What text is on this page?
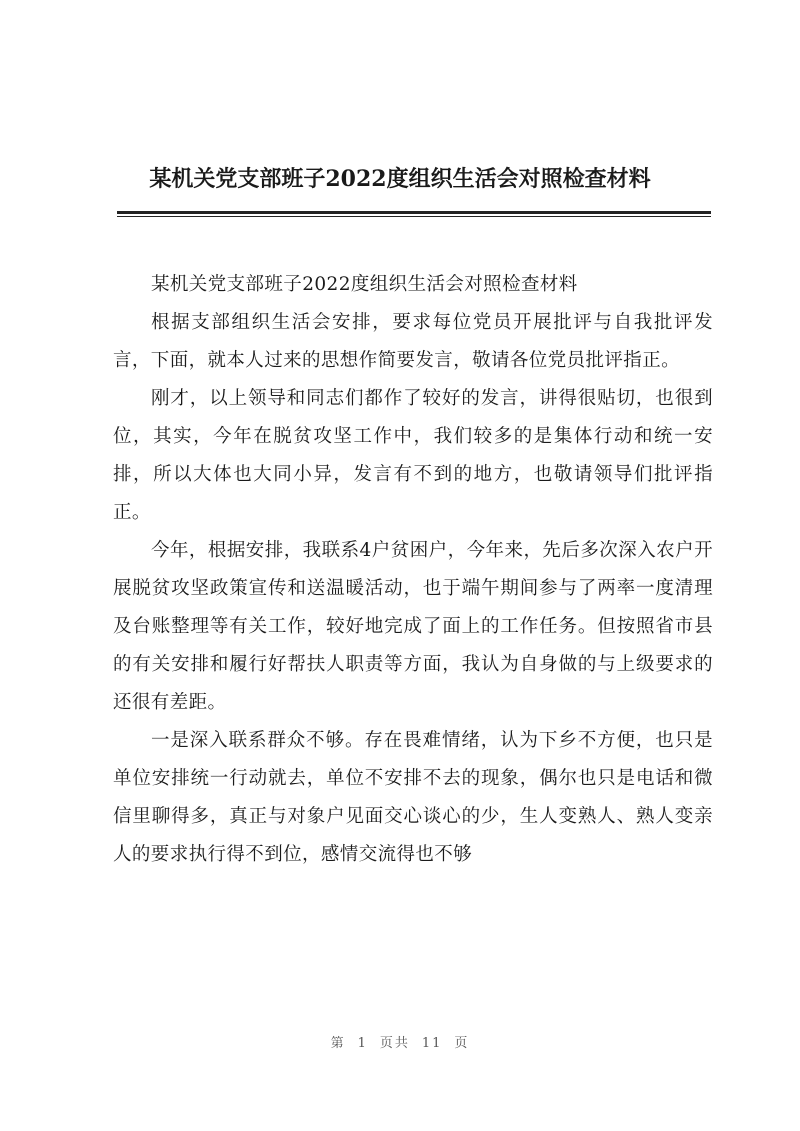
某机关党支部班子2022度组织生活会对照检查材料

某机关党支部班子2022度组织生活会对照检查材料

根据支部组织生活会安排，要求每位党员开展批评与自我批评发言，下面，就本人过来的思想作简要发言，敬请各位党员批评指正。

刚才，以上领导和同志们都作了较好的发言，讲得很贴切，也很到位，其实，今年在脱贫攻坚工作中，我们较多的是集体行动和统一安排，所以大体也大同小异，发言有不到的地方，也敬请领导们批评指正。

今年，根据安排，我联系4户贫困户，今年来，先后多次深入农户开展脱贫攻坚政策宣传和送温暖活动，也于端午期间参与了两率一度清理及台账整理等有关工作，较好地完成了面上的工作任务。但按照省市县的有关安排和履行好帮扶人职责等方面，我认为自身做的与上级要求的还很有差距。

一是深入联系群众不够。存在畏难情绪，认为下乡不方便，也只是单位安排统一行动就去，单位不安排不去的现象，偶尔也只是电话和微信里聊得多，真正与对象户见面交心谈心的少，生人变熟人、熟人变亲人的要求执行得不到位，感情交流得也不够

第 1 页共 11 页
